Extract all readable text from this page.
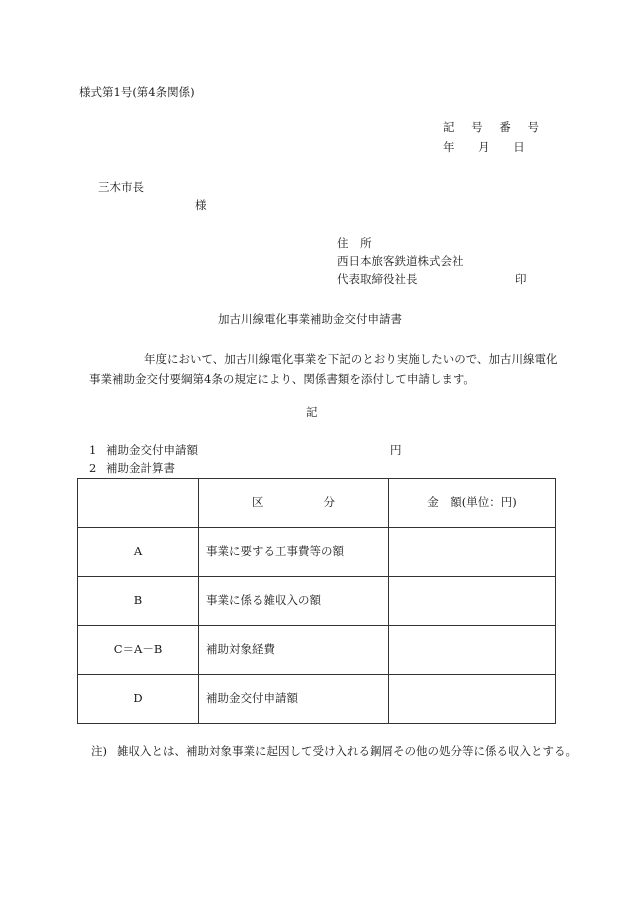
様式第1号(第4条関係)
記 号 番 号
年 月 日
三木市長
様
住 所
西日本旅客鉄道株式会社
代表取締役社長	印
加古川線電化事業補助金交付申請書
年度において、加古川線電化事業を下記のとおり実施したいので、加古川線電化事業補助金交付要綱第4条の規定により、関係書類を添付して申請します。
記
1 補助金交付申請額	円
2 補助金計算書
	区 分	金　額(単位：円)
A	事業に要する工事費等の額	
B	事業に係る雑収入の額	
C＝A－B	補助対象経費	
D	補助金交付申請額	
注) 雑収入とは、補助対象事業に起因して受け入れる鋼屑その他の処分等に係る収入とする。
